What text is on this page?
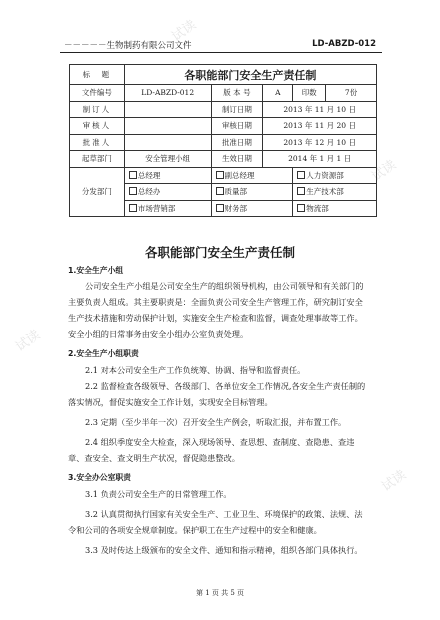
试读
试读
试读
试读
－－－－－生物制药有限公司文件	LD-ABZD-012
标　题	各职能部门安全生产责任制				
文件编号	LD-ABZD-012	版 本 号	A	印数	7份
制订人		制订日期	2013 年 11 月 10 日		
审核人		审核日期	2013 年 11 月 20 日		
批准人		批准日期	2013 年 12 月 10 日		
起草部门	安全管理小组	生效日期	2014 年 1 月 1 日		
分发部门	总经理	副总经理		人力资源部	
	总经办	质量部		生产技术部	
	市场营销部	财务部		物流部	
各职能部门安全生产责任制
1.安全生产小组
公司安全生产小组是公司安全生产的组织领导机构，由公司领导和有关部门的
主要负责人组成。其主要职责是：全面负责公司安全生产管理工作，研究制订安全
生产技术措施和劳动保护计划，实施安全生产检查和监督，调查处理事故等工作。
安全小组的日常事务由安全小组办公室负责处理。
2.安全生产小组职责
2.1 对本公司安全生产工作负统筹、协调、指导和监督责任。
2.2 监督检查各级领导、各级部门、各单位安全工作情况,各安全生产责任制的
落实情况，督促实施安全工作计划，实现安全目标管理。
2.3 定期（至少半年一次）召开安全生产例会，听取汇报，并布置工作。
2.4 组织季度安全大检查，深入现场领导、查思想、查制度、查隐患、查违
章、查安全、查文明生产状况，督促隐患整改。
3.安全办公室职责
3.1 负责公司安全生产的日常管理工作。
3.2 认真贯彻执行国家有关安全生产、工业卫生、环境保护的政策、法规、法
令和公司的各项安全规章制度。保护职工在生产过程中的安全和健康。
3.3 及时传达上级颁布的安全文件、通知和指示精神，组织各部门具体执行。
第 1 页 共 5 页
